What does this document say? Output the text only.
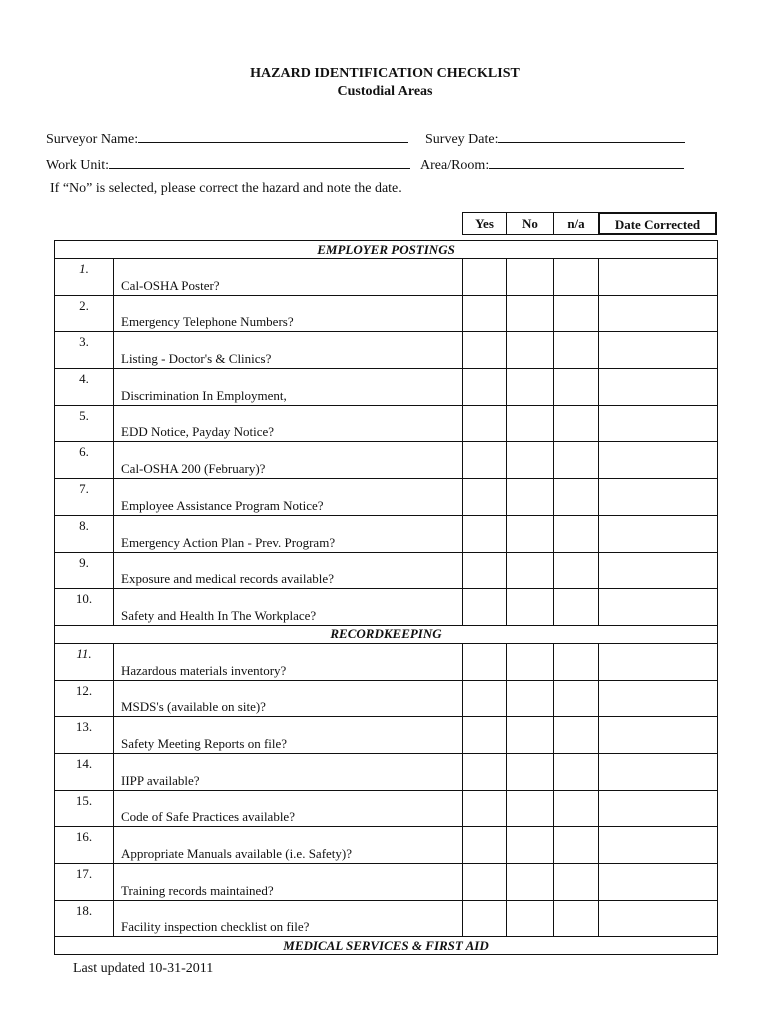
HAZARD IDENTIFICATION CHECKLIST
Custodial Areas
Surveyor Name:	Survey Date:
Work Unit:	Area/Room:
If “No” is selected, please correct the hazard and note the date.
Yes	No	n/a	Date Corrected
EMPLOYER POSTINGS					
1.	Cal-OSHA Poster?				
2.	Emergency Telephone Numbers?				
3.	Listing - Doctor's & Clinics?				
4.	Discrimination In Employment,				
5.	EDD Notice, Payday Notice?				
6.	Cal-OSHA 200 (February)?				
7.	Employee Assistance Program Notice?				
8.	Emergency Action Plan - Prev. Program?				
9.	Exposure and medical records available?				
10.	Safety and Health In The Workplace?				
RECORDKEEPING					
11.	Hazardous materials inventory?				
12.	MSDS's (available on site)?				
13.	Safety Meeting Reports on file?				
14.	IIPP available?				
15.	Code of Safe Practices available?				
16.	Appropriate Manuals available (i.e. Safety)?				
17.	Training records maintained?				
18.	Facility inspection checklist on file?				
MEDICAL SERVICES & FIRST AID					
Last updated 10-31-2011
